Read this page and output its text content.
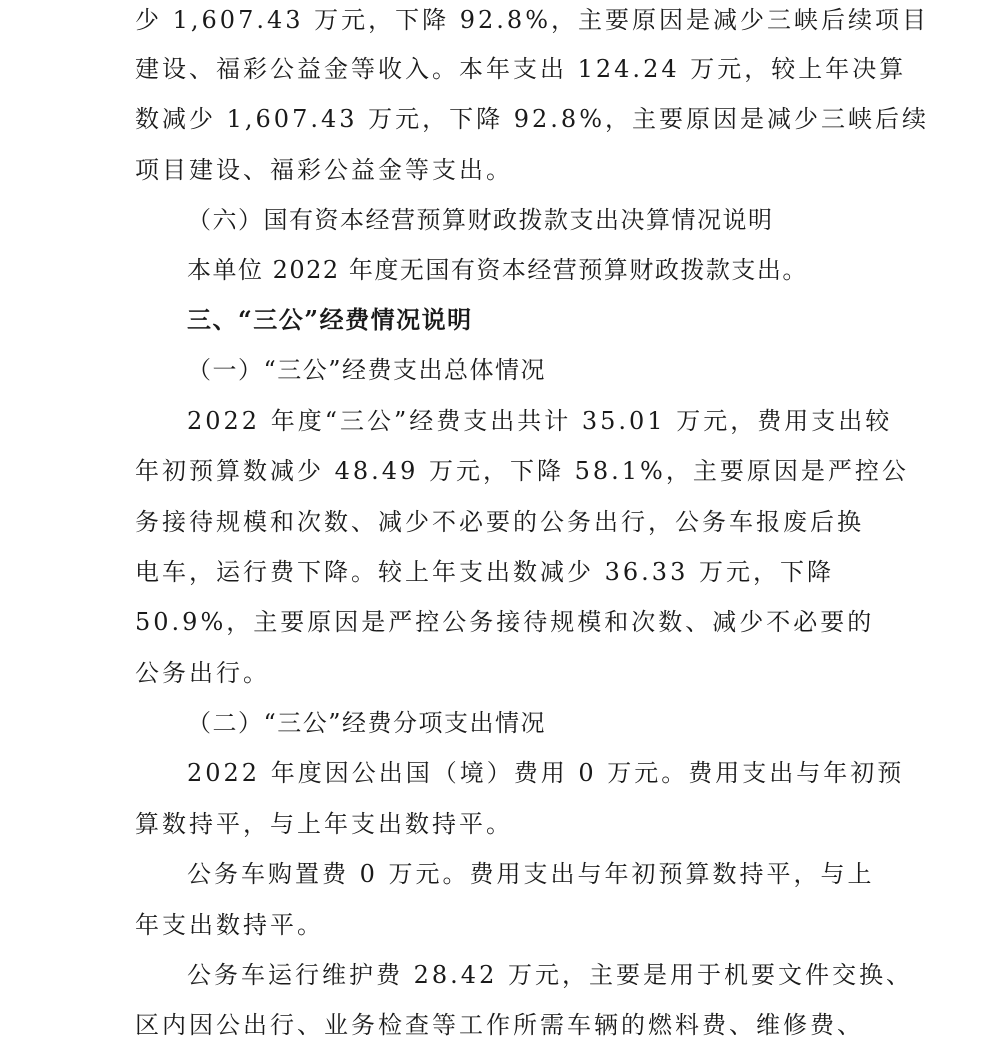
少 1,607.43 万元，下降 92.8%，主要原因是减少三峡后续项目
建设、福彩公益金等收入。本年支出 124.24 万元，较上年决算
数减少 1,607.43 万元，下降 92.8%，主要原因是减少三峡后续
项目建设、福彩公益金等支出。
（六）国有资本经营预算财政拨款支出决算情况说明
本单位 2022 年度无国有资本经营预算财政拨款支出。
三、“三公”经费情况说明
（一）“三公”经费支出总体情况
2022 年度“三公”经费支出共计 35.01 万元，费用支出较
年初预算数减少 48.49 万元，下降 58.1%，主要原因是严控公
务接待规模和次数、减少不必要的公务出行，公务车报废后换
电车，运行费下降。较上年支出数减少 36.33 万元，下降
50.9%，主要原因是严控公务接待规模和次数、减少不必要的
公务出行。
（二）“三公”经费分项支出情况
2022 年度因公出国（境）费用 0 万元。费用支出与年初预
算数持平，与上年支出数持平。
公务车购置费 0 万元。费用支出与年初预算数持平，与上
年支出数持平。
公务车运行维护费 28.42 万元，主要是用于机要文件交换、
区内因公出行、业务检查等工作所需车辆的燃料费、维修费、
